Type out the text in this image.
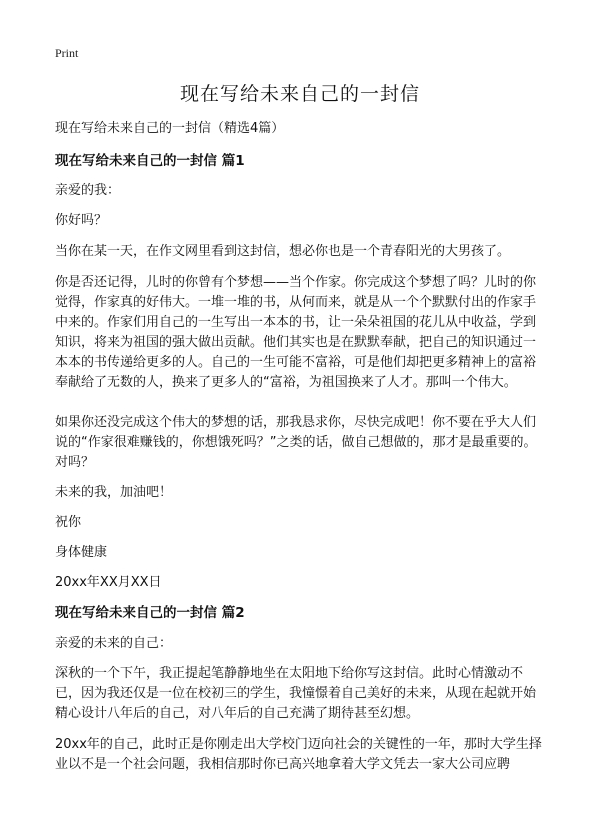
Print
现在写给未来自己的一封信

现在写给未来自己的一封信（精选4篇）

现在写给未来自己的一封信 篇1

亲爱的我：

你好吗？

当你在某一天，在作文网里看到这封信，想必你也是一个青春阳光的大男孩了。

你是否还记得，儿时的你曾有个梦想——当个作家。你完成这个梦想了吗？儿时的你觉得，作家真的好伟大。一堆一堆的书，从何而来，就是从一个个默默付出的作家手中来的。作家们用自己的一生写出一本本的书，让一朵朵祖国的花儿从中收益，学到知识，将来为祖国的强大做出贡献。他们其实也是在默默奉献，把自己的知识通过一本本的书传递给更多的人。自己的一生可能不富裕，可是他们却把更多精神上的富裕奉献给了无数的人，换来了更多人的“富裕，为祖国换来了人才。那叫一个伟大。

如果你还没完成这个伟大的梦想的话，那我恳求你，尽快完成吧！你不要在乎大人们说的“作家很难赚钱的，你想饿死吗？”之类的话，做自己想做的，那才是最重要的。对吗？

未来的我，加油吧！

祝你

身体健康

20xx年XX月XX日

现在写给未来自己的一封信 篇2

亲爱的未来的自己：

深秋的一个下午，我正提起笔静静地坐在太阳地下给你写这封信。此时心情激动不已，因为我还仅是一位在校初三的学生，我憧憬着自己美好的未来，从现在起就开始精心设计八年后的自己，对八年后的自己充满了期待甚至幻想。

20xx年的自己，此时正是你刚走出大学校门迈向社会的关键性的一年，那时大学生择业以不是一个社会问题，我相信那时你已高兴地拿着大学文凭去一家大公司应聘
